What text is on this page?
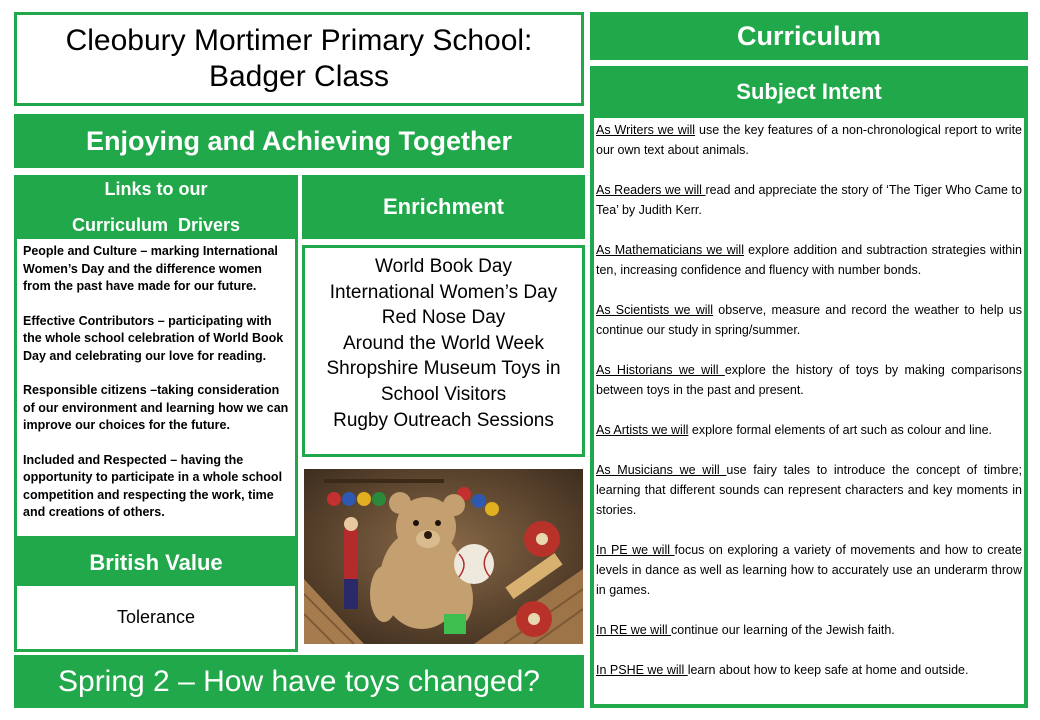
Cleobury Mortimer Primary School:
Badger Class
Enjoying and Achieving Together
Links to our
Curriculum  Drivers

People and Culture – marking International Women’s Day and the difference women from the past have made for our future.

Effective Contributors – participating with the whole school celebration of World Book Day and celebrating our love for reading.

Responsible citizens –taking consideration of our environment and learning how we can improve our choices for the future.

Included and Respected – having the opportunity to participate in a whole school competition and respecting the work, time and creations of others.

Enrichment
World Book Day
International Women’s Day
Red Nose Day
Around the World Week
Shropshire Museum Toys in School Visitors
Rugby Outreach Sessions
British Value
Tolerance
Spring 2 – How have toys changed?
Curriculum
Subject Intent

As Writers we will use the key features of a non-chronological report to write our own text about animals.

As Readers we will read and appreciate the story of ‘The Tiger Who Came to Tea’ by Judith Kerr.

As Mathematicians we will explore addition and subtraction strategies within ten, increasing confidence and fluency with number bonds.

As Scientists we will observe, measure and record the weather to help us continue our study in spring/summer.

As Historians we will explore the history of toys by making comparisons between toys in the past and present.

As Artists we will explore formal elements of art such as colour and line.

As Musicians we will use fairy tales to introduce the concept of timbre; learning that different sounds can represent characters and key moments in stories.

In PE we will focus on exploring a variety of movements and how to create levels in dance as well as learning how to accurately use an underarm throw in games.

In RE we will continue our learning of the Jewish faith.

In PSHE we will learn about how to keep safe at home and outside.
